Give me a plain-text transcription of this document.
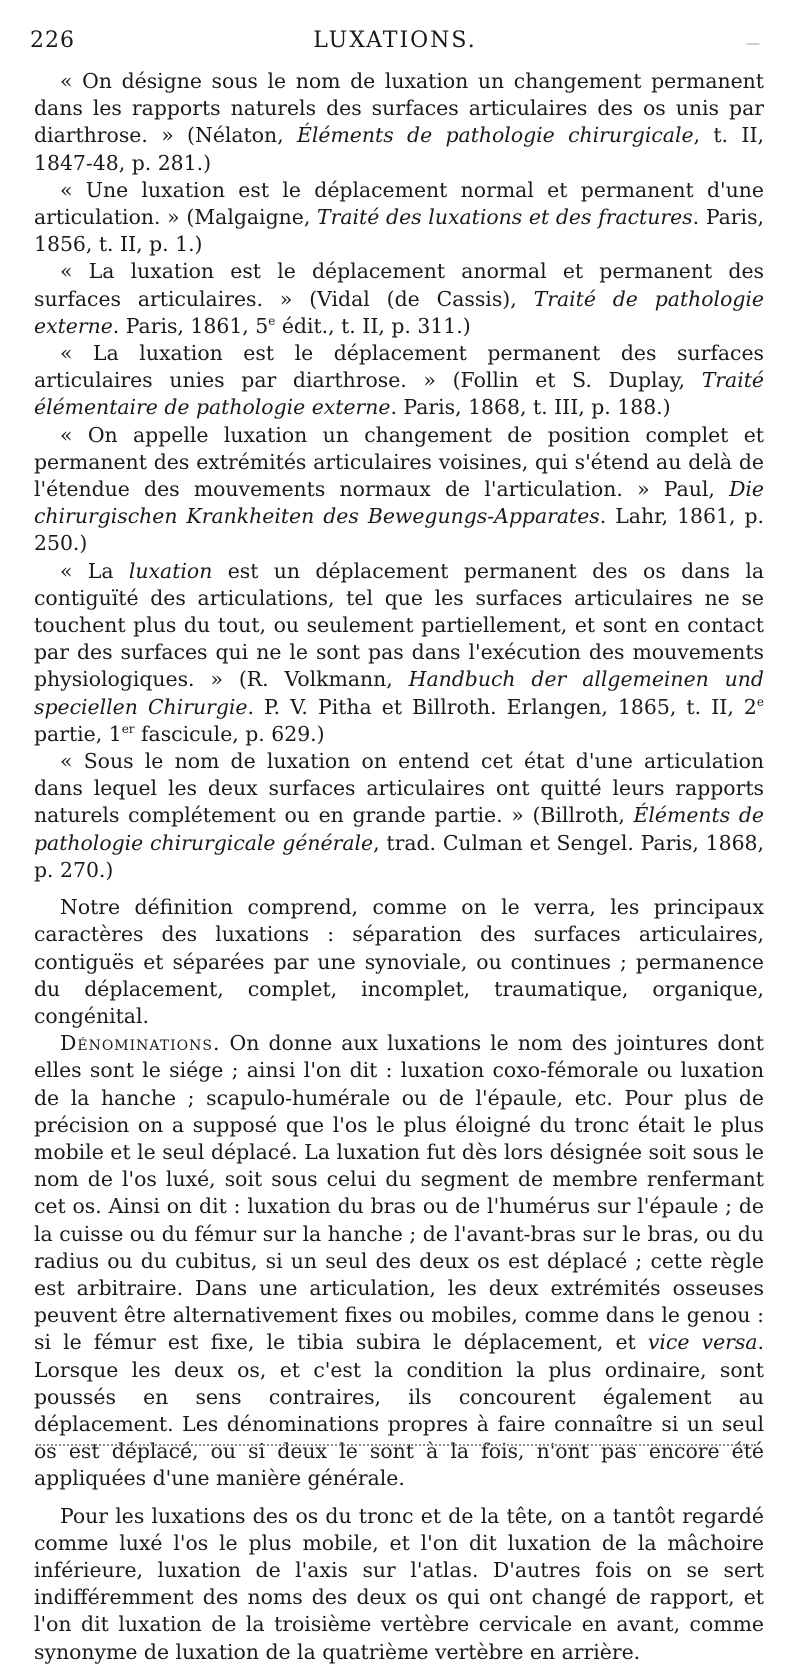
226	LUXATIONS.	—

« On désigne sous le nom de luxation un changement permanent dans les rapports naturels des surfaces articulaires des os unis par diarthrose. » (Nélaton, Éléments de pathologie chirurgicale, t. II, 1847-48, p. 281.)

« Une luxation est le déplacement normal et permanent d'une articulation. » (Malgaigne, Traité des luxations et des fractures. Paris, 1856, t. II, p. 1.)

« La luxation est le déplacement anormal et permanent des surfaces articulaires. » (Vidal (de Cassis), Traité de pathologie externe. Paris, 1861, 5e édit., t. II, p. 311.)

« La luxation est le déplacement permanent des surfaces articulaires unies par diarthrose. » (Follin et S. Duplay, Traité élémentaire de pathologie externe. Paris, 1868, t. III, p. 188.)

« On appelle luxation un changement de position complet et permanent des extrémités articulaires voisines, qui s'étend au delà de l'étendue des mouvements normaux de l'articulation. » Paul, Die chirurgischen Krankheiten des Bewegungs-Apparates. Lahr, 1861, p. 250.)

« La luxation est un déplacement permanent des os dans la contiguïté des articulations, tel que les surfaces articulaires ne se touchent plus du tout, ou seulement partiellement, et sont en contact par des surfaces qui ne le sont pas dans l'exécution des mouvements physiologiques. » (R. Volkmann, Handbuch der allgemeinen und speciellen Chirurgie. P. V. Pitha et Billroth. Erlangen, 1865, t. II, 2e partie, 1er fascicule, p. 629.)

« Sous le nom de luxation on entend cet état d'une articulation dans lequel les deux surfaces articulaires ont quitté leurs rapports naturels complétement ou en grande partie. » (Billroth, Éléments de pathologie chirurgicale générale, trad. Culman et Sengel. Paris, 1868, p. 270.)

Notre définition comprend, comme on le verra, les principaux caractères des luxations : séparation des surfaces articulaires, contiguës et séparées par une synoviale, ou continues ; permanence du déplacement, complet, incomplet, traumatique, organique, congénital.

Dénominations. On donne aux luxations le nom des jointures dont elles sont le siége ; ainsi l'on dit : luxation coxo-fémorale ou luxation de la hanche ; scapulo-humérale ou de l'épaule, etc. Pour plus de précision on a supposé que l'os le plus éloigné du tronc était le plus mobile et le seul déplacé. La luxation fut dès lors désignée soit sous le nom de l'os luxé, soit sous celui du segment de membre renfermant cet os. Ainsi on dit : luxation du bras ou de l'humérus sur l'épaule ; de la cuisse ou du fémur sur la hanche ; de l'avant-bras sur le bras, ou du radius ou du cubitus, si un seul des deux os est déplacé ; cette règle est arbitraire. Dans une articulation, les deux extrémités osseuses peuvent être alternativement fixes ou mobiles, comme dans le genou : si le fémur est fixe, le tibia subira le déplacement, et vice versa. Lorsque les deux os, et c'est la condition la plus ordinaire, sont poussés en sens contraires, ils concourent également au déplacement. Les dénominations propres à faire connaître si un seul os est déplacé, ou si deux le sont à la fois, n'ont pas encore été appliquées d'une manière générale.

Pour les luxations des os du tronc et de la tête, on a tantôt regardé comme luxé l'os le plus mobile, et l'on dit luxation de la mâchoire inférieure, luxation de l'axis sur l'atlas. D'autres fois on se sert indifféremment des noms des deux os qui ont changé de rapport, et l'on dit luxation de la troisième vertèbre cervicale en avant, comme synonyme de luxation de la quatrième vertèbre en arrière.
